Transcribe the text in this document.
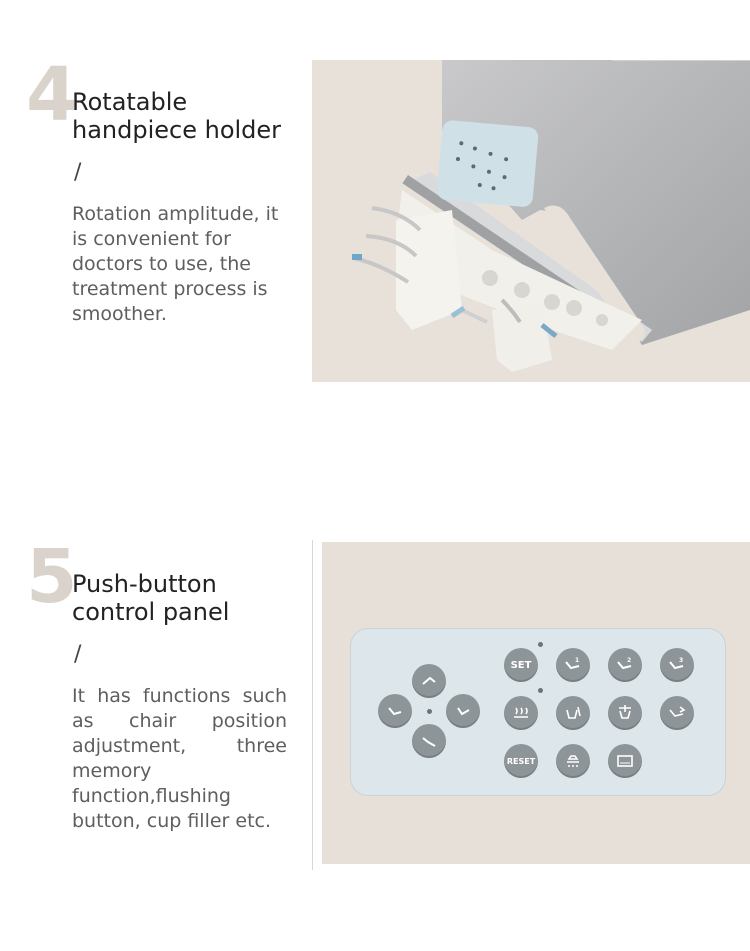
4
Rotatable
handpiece holder
/
Rotation amplitude, it is convenient for doctors to use, the treatment process is smoother.
5
Push-button
control panel
/
It has functions such as chair position adjustment, three memory function,flushing button, cup filler etc.
SET	1	2	3
RESET
